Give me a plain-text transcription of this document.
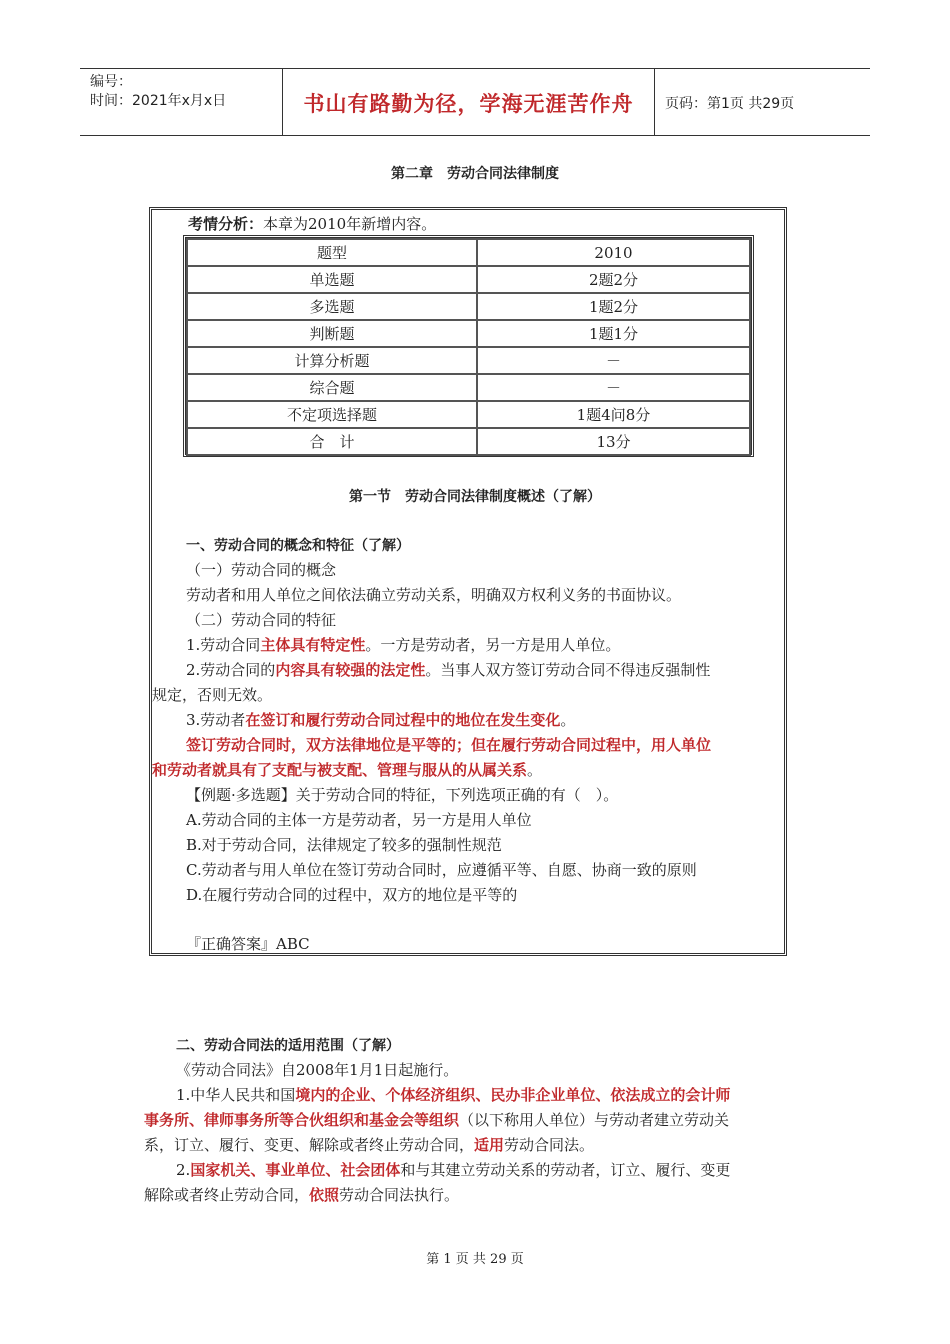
编号：
时间：2021年x月x日	书山有路勤为径，学海无涯苦作舟	页码：第1页 共29页
第二章　劳动合同法律制度
考情分析：本章为2010年新增内容。
题型	2010
单选题	2题2分
多选题	1题2分
判断题	1题1分
计算分析题	－
综合题	－
不定项选择题	1题4问8分
合　计	13分
第一节　劳动合同法律制度概述（了解）
一、劳动合同的概念和特征（了解）
（一）劳动合同的概念
劳动者和用人单位之间依法确立劳动关系，明确双方权利义务的书面协议。
（二）劳动合同的特征
1.劳动合同主体具有特定性。一方是劳动者，另一方是用人单位。
2.劳动合同的内容具有较强的法定性。当事人双方签订劳动合同不得违反强制性
规定，否则无效。
3.劳动者在签订和履行劳动合同过程中的地位在发生变化。
签订劳动合同时，双方法律地位是平等的；但在履行劳动合同过程中，用人单位
和劳动者就具有了支配与被支配、管理与服从的从属关系。
【例题·多选题】关于劳动合同的特征，下列选项正确的有（　）。
A.劳动合同的主体一方是劳动者，另一方是用人单位
B.对于劳动合同，法律规定了较多的强制性规范
C.劳动者与用人单位在签订劳动合同时，应遵循平等、自愿、协商一致的原则
D.在履行劳动合同的过程中，双方的地位是平等的
『正确答案』ABC
二、劳动合同法的适用范围（了解）
《劳动合同法》自2008年1月1日起施行。
1.中华人民共和国境内的企业、个体经济组织、民办非企业单位、依法成立的会计师
事务所、律师事务所等合伙组织和基金会等组织（以下称用人单位）与劳动者建立劳动关
系，订立、履行、变更、解除或者终止劳动合同，适用劳动合同法。
2.国家机关、事业单位、社会团体和与其建立劳动关系的劳动者，订立、履行、变更
解除或者终止劳动合同，依照劳动合同法执行。
第 1 页 共 29 页
